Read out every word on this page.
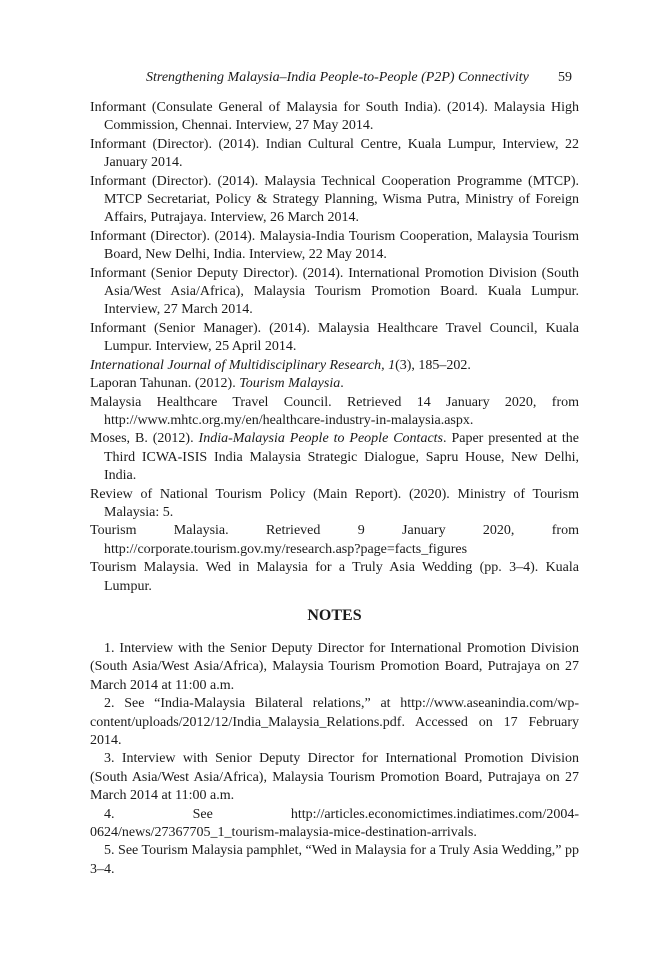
Strengthening Malaysia–India People-to-People (P2P) Connectivity 59

Informant (Consulate General of Malaysia for South India). (2014). Malaysia High Commission, Chennai. Interview, 27 May 2014.

Informant (Director). (2014). Indian Cultural Centre, Kuala Lumpur, Interview, 22 January 2014.

Informant (Director). (2014). Malaysia Technical Cooperation Programme (MTCP). MTCP Secretariat, Policy & Strategy Planning, Wisma Putra, Ministry of Foreign Affairs, Putrajaya. Interview, 26 March 2014.

Informant (Director). (2014). Malaysia-India Tourism Cooperation, Malaysia Tourism Board, New Delhi, India. Interview, 22 May 2014.

Informant (Senior Deputy Director). (2014). International Promotion Division (South Asia/West Asia/Africa), Malaysia Tourism Promotion Board. Kuala Lumpur. Interview, 27 March 2014.

Informant (Senior Manager). (2014). Malaysia Healthcare Travel Council, Kuala Lumpur. Interview, 25 April 2014.

International Journal of Multidisciplinary Research, 1(3), 185–202.

Laporan Tahunan. (2012). Tourism Malaysia.

Malaysia Healthcare Travel Council. Retrieved 14 January 2020, from http://www.mhtc.org.my/en/healthcare-industry-in-malaysia.aspx.

Moses, B. (2012). India-Malaysia People to People Contacts. Paper presented at the Third ICWA-ISIS India Malaysia Strategic Dialogue, Sapru House, New Delhi, India.

Review of National Tourism Policy (Main Report). (2020). Ministry of Tourism Malaysia: 5.

Tourism Malaysia. Retrieved 9 January 2020, from http://corporate.tourism.gov.my/research.asp?page=facts_figures

Tourism Malaysia. Wed in Malaysia for a Truly Asia Wedding (pp. 3–4). Kuala Lumpur.

NOTES

1. Interview with the Senior Deputy Director for International Promotion Division (South Asia/West Asia/Africa), Malaysia Tourism Promotion Board, Putrajaya on 27 March 2014 at 11:00 a.m.

2. See “India-Malaysia Bilateral relations,” at http://www.aseanindia.com/wp-content/uploads/2012/12/India_Malaysia_Relations.pdf. Accessed on 17 February 2014.

3. Interview with Senior Deputy Director for International Promotion Division (South Asia/West Asia/Africa), Malaysia Tourism Promotion Board, Putrajaya on 27 March 2014 at 11:00 a.m.

4. See http://articles.economictimes.indiatimes.com/2004-0624/news/27367705_1_tourism-malaysia-mice-destination-arrivals.

5. See Tourism Malaysia pamphlet, “Wed in Malaysia for a Truly Asia Wedding,” pp 3–4.
